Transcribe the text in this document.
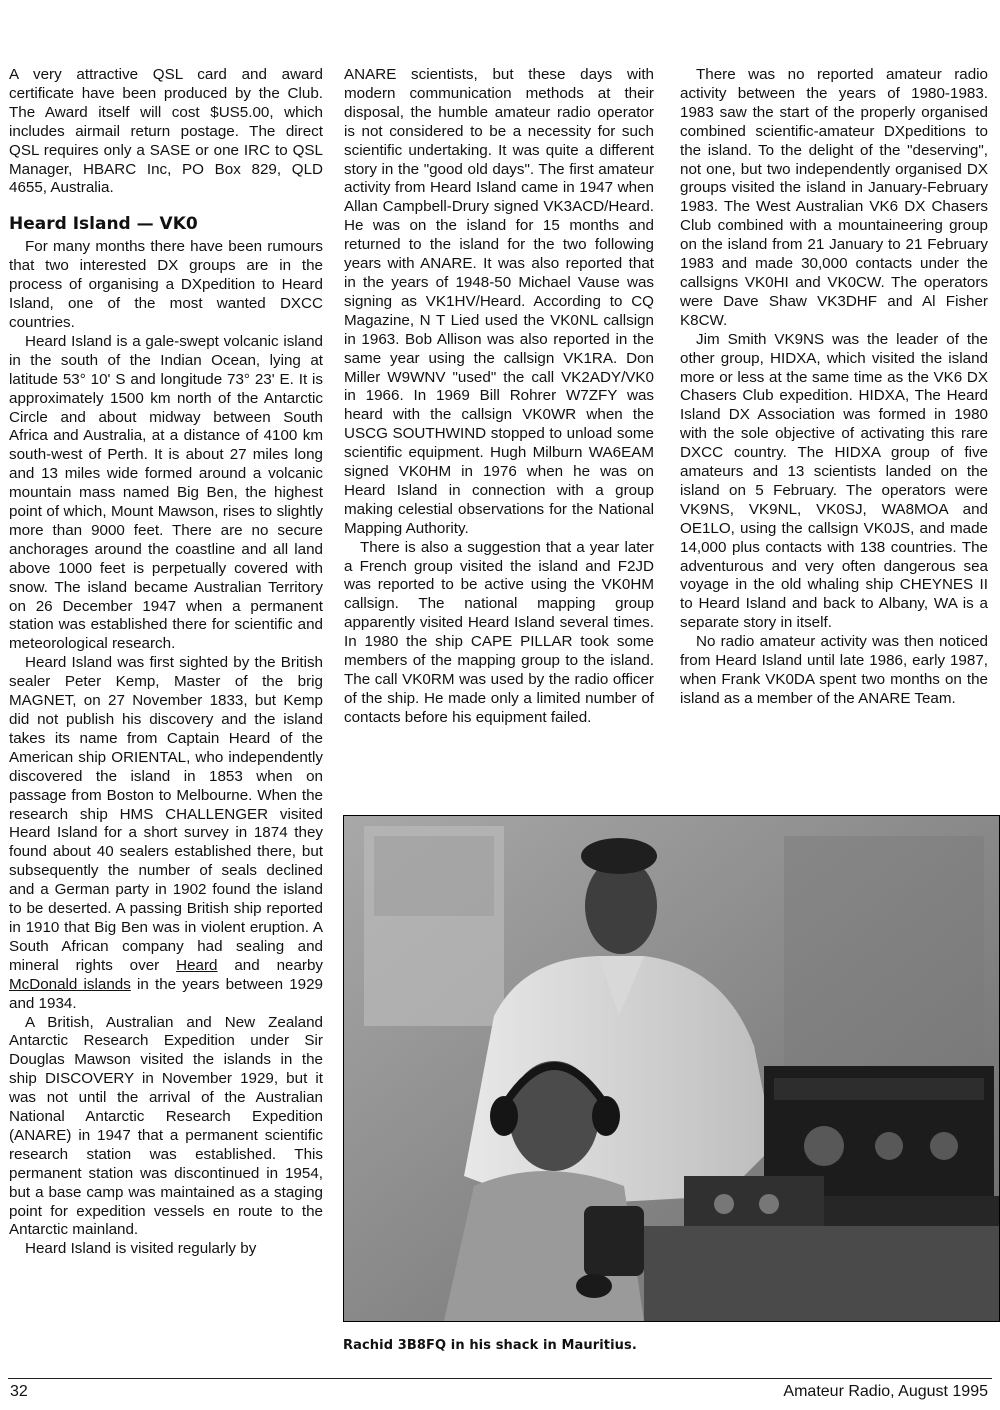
A very attractive QSL card and award certificate have been produced by the Club. The Award itself will cost $US5.00, which includes airmail return postage. The direct QSL requires only a SASE or one IRC to QSL Manager, HBARC Inc, PO Box 829, QLD 4655, Australia.

Heard Island — VK0

For many months there have been rumours that two interested DX groups are in the process of organising a DXpedition to Heard Island, one of the most wanted DXCC countries.

Heard Island is a gale-swept volcanic island in the south of the Indian Ocean, lying at latitude 53° 10' S and longitude 73° 23' E. It is approximately 1500 km north of the Antarctic Circle and about midway between South Africa and Australia, at a distance of 4100 km south-west of Perth. It is about 27 miles long and 13 miles wide formed around a volcanic mountain mass named Big Ben, the highest point of which, Mount Mawson, rises to slightly more than 9000 feet. There are no secure anchorages around the coastline and all land above 1000 feet is perpetually covered with snow. The island became Australian Territory on 26 December 1947 when a permanent station was established there for scientific and meteorological research.

Heard Island was first sighted by the British sealer Peter Kemp, Master of the brig MAGNET, on 27 November 1833, but Kemp did not publish his discovery and the island takes its name from Captain Heard of the American ship ORIENTAL, who independently discovered the island in 1853 when on passage from Boston to Melbourne. When the research ship HMS CHALLENGER visited Heard Island for a short survey in 1874 they found about 40 sealers established there, but subsequently the number of seals declined and a German party in 1902 found the island to be deserted. A passing British ship reported in 1910 that Big Ben was in violent eruption. A South African company had sealing and mineral rights over Heard and nearby McDonald islands in the years between 1929 and 1934.

A British, Australian and New Zealand Antarctic Research Expedition under Sir Douglas Mawson visited the islands in the ship DISCOVERY in November 1929, but it was not until the arrival of the Australian National Antarctic Research Expedition (ANARE) in 1947 that a permanent scientific research station was established. This permanent station was discontinued in 1954, but a base camp was maintained as a staging point for expedition vessels en route to the Antarctic mainland.

Heard Island is visited regularly by

ANARE scientists, but these days with modern communication methods at their disposal, the humble amateur radio operator is not considered to be a necessity for such scientific undertaking. It was quite a different story in the "good old days". The first amateur activity from Heard Island came in 1947 when Allan Campbell-Drury signed VK3ACD/Heard. He was on the island for 15 months and returned to the island for the two following years with ANARE. It was also reported that in the years of 1948-50 Michael Vause was signing as VK1HV/Heard. According to CQ Magazine, N T Lied used the VK0NL callsign in 1963. Bob Allison was also reported in the same year using the callsign VK1RA. Don Miller W9WNV "used" the call VK2ADY/VK0 in 1966. In 1969 Bill Rohrer W7ZFY was heard with the callsign VK0WR when the USCG SOUTHWIND stopped to unload some scientific equipment. Hugh Milburn WA6EAM signed VK0HM in 1976 when he was on Heard Island in connection with a group making celestial observations for the National Mapping Authority.

There is also a suggestion that a year later a French group visited the island and F2JD was reported to be active using the VK0HM callsign. The national mapping group apparently visited Heard Island several times. In 1980 the ship CAPE PILLAR took some members of the mapping group to the island. The call VK0RM was used by the radio officer of the ship. He made only a limited number of contacts before his equipment failed.

There was no reported amateur radio activity between the years of 1980-1983. 1983 saw the start of the properly organised combined scientific-amateur DXpeditions to the island. To the delight of the "deserving", not one, but two independently organised DX groups visited the island in January-February 1983. The West Australian VK6 DX Chasers Club combined with a mountaineering group on the island from 21 January to 21 February 1983 and made 30,000 contacts under the callsigns VK0HI and VK0CW. The operators were Dave Shaw VK3DHF and Al Fisher K8CW.

Jim Smith VK9NS was the leader of the other group, HIDXA, which visited the island more or less at the same time as the VK6 DX Chasers Club expedition. HIDXA, The Heard Island DX Association was formed in 1980 with the sole objective of activating this rare DXCC country. The HIDXA group of five amateurs and 13 scientists landed on the island on 5 February. The operators were VK9NS, VK9NL, VK0SJ, WA8MOA and OE1LO, using the callsign VK0JS, and made 14,000 plus contacts with 138 countries. The adventurous and very often dangerous sea voyage in the old whaling ship CHEYNES II to Heard Island and back to Albany, WA is a separate story in itself.

No radio amateur activity was then noticed from Heard Island until late 1986, early 1987, when Frank VK0DA spent two months on the island as a member of the ANARE Team.

Rachid 3B8FQ in his shack in Mauritius.
32	Amateur Radio, August 1995
